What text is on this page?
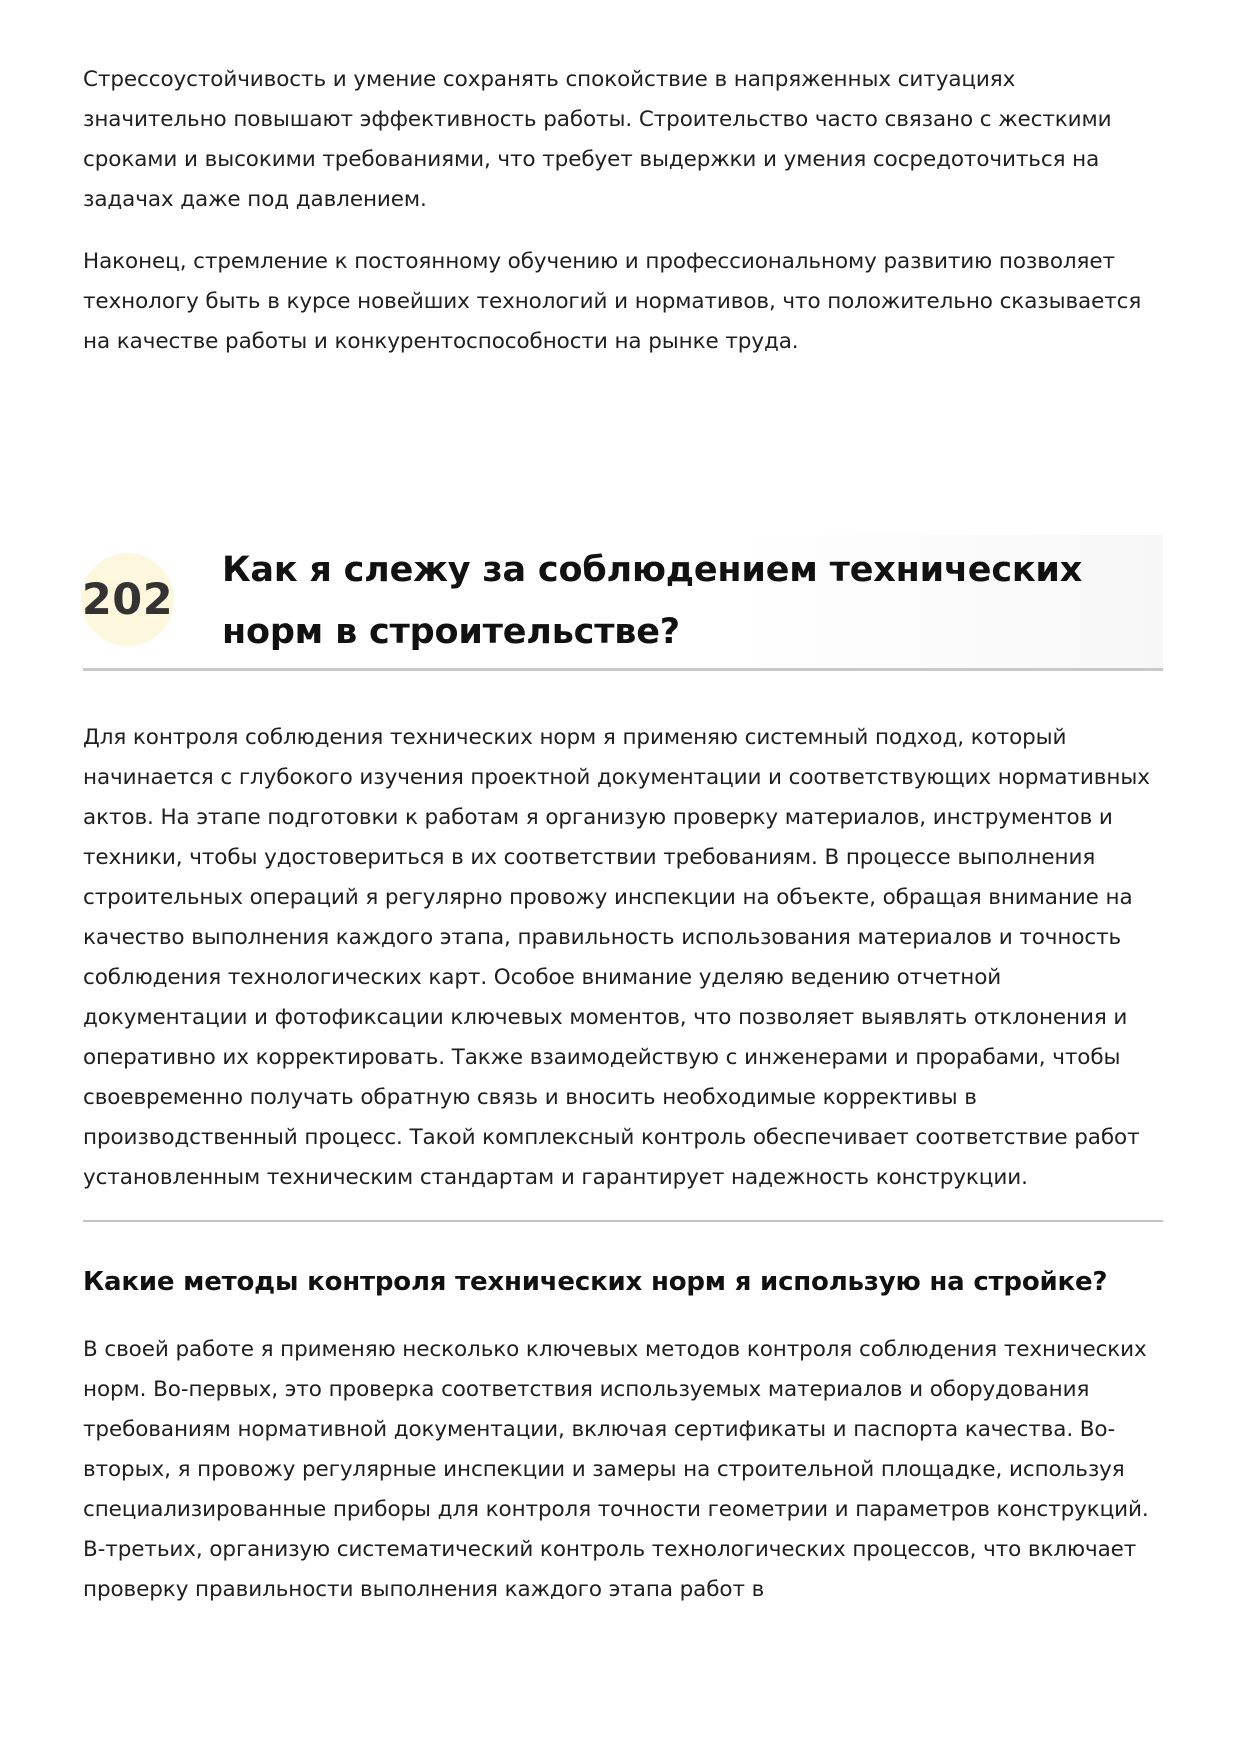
Стрессоустойчивость и умение сохранять спокойствие в напряженных ситуациях значительно повышают эффективность работы. Строительство часто связано с жесткими сроками и высокими требованиями, что требует выдержки и умения сосредоточиться на задачах даже под давлением.

Наконец, стремление к постоянному обучению и профессиональному развитию позволяет технологу быть в курсе новейших технологий и нормативов, что положительно сказывается на качестве работы и конкурентоспособности на рынке труда.

202
Как я слежу за соблюдением технических норм в строительстве?

Для контроля соблюдения технических норм я применяю системный подход, который начинается с глубокого изучения проектной документации и соответствующих нормативных актов. На этапе подготовки к работам я организую проверку материалов, инструментов и техники, чтобы удостовериться в их соответствии требованиям. В процессе выполнения строительных операций я регулярно провожу инспекции на объекте, обращая внимание на качество выполнения каждого этапа, правильность использования материалов и точность соблюдения технологических карт. Особое внимание уделяю ведению отчетной документации и фотофиксации ключевых моментов, что позволяет выявлять отклонения и оперативно их корректировать. Также взаимодействую с инженерами и прорабами, чтобы своевременно получать обратную связь и вносить необходимые коррективы в производственный процесс. Такой комплексный контроль обеспечивает соответствие работ установленным техническим стандартам и гарантирует надежность конструкции.

Какие методы контроля технических норм я использую на стройке?

В своей работе я применяю несколько ключевых методов контроля соблюдения технических норм. Во-первых, это проверка соответствия используемых материалов и оборудования требованиям нормативной документации, включая сертификаты и паспорта качества. Во-вторых, я провожу регулярные инспекции и замеры на строительной площадке, используя специализированные приборы для контроля точности геометрии и параметров конструкций. В-третьих, организую систематический контроль технологических процессов, что включает проверку правильности выполнения каждого этапа работ в
